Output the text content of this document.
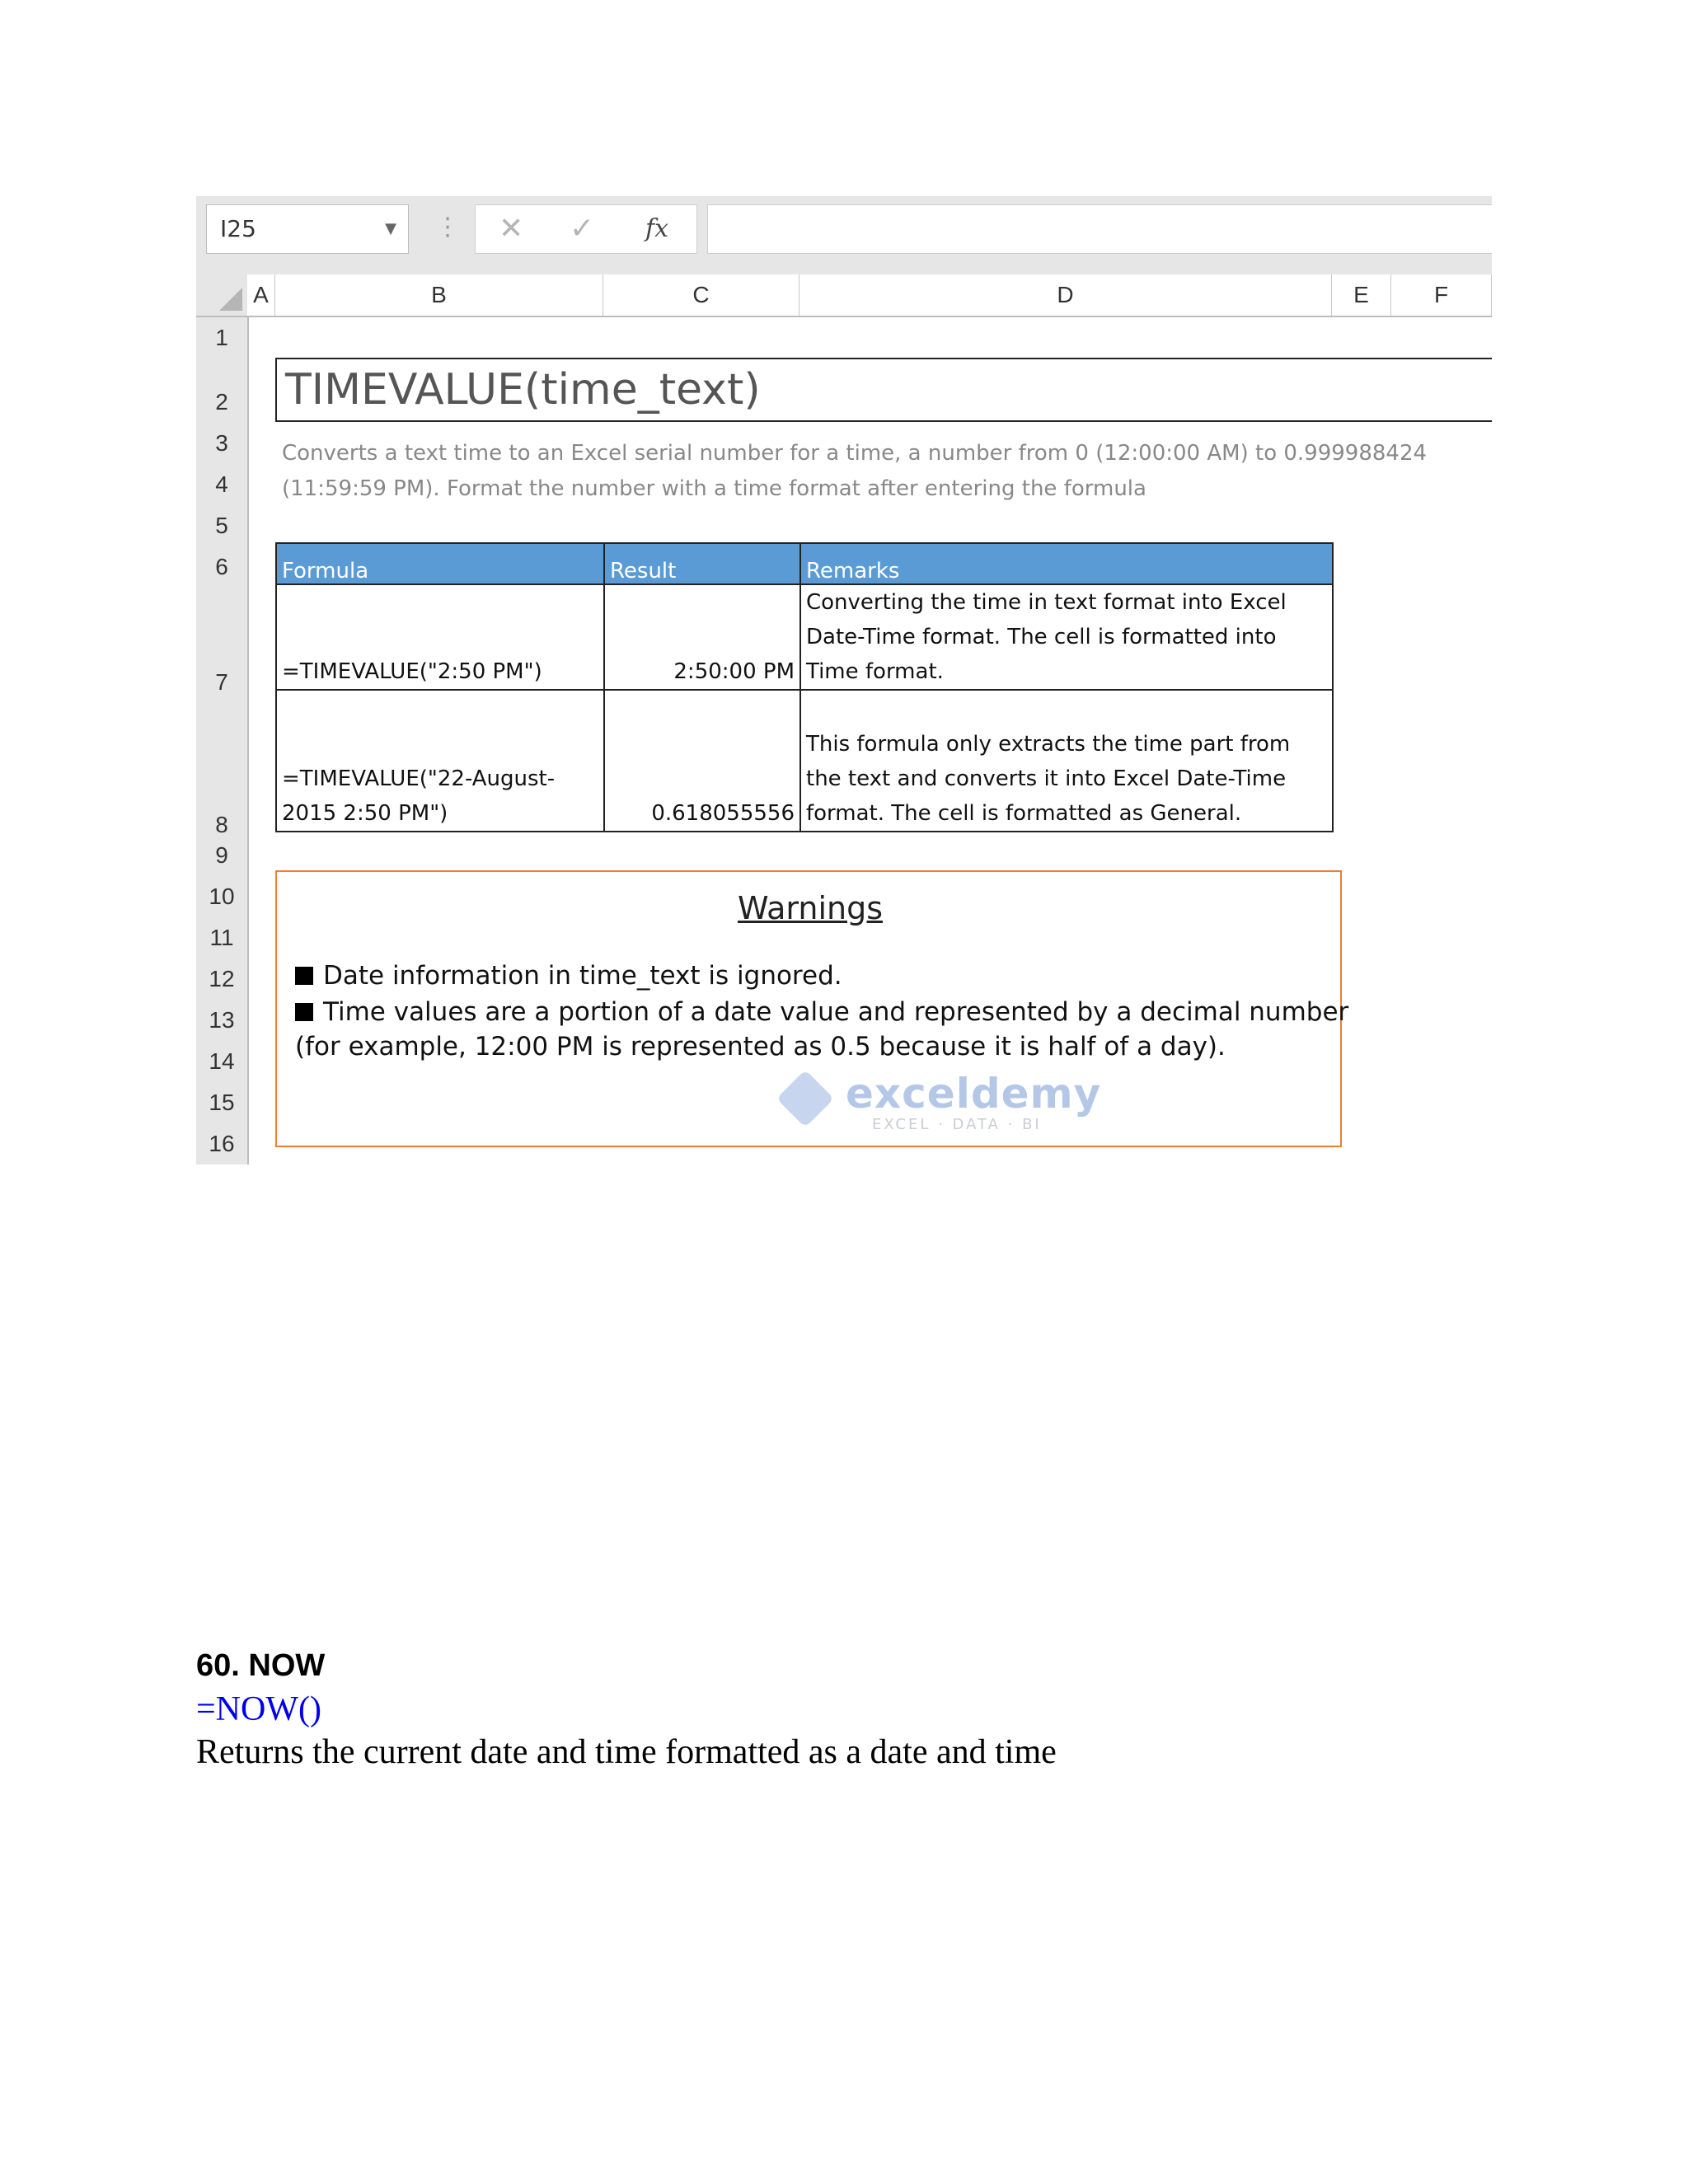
I25	▼ ⋮ ✕ ✓ fx
A	B	C	D	E	F
1
2
3
4
5
6
7
8
9
10
11
12
13
14
15
16
TIMEVALUE(time_text)
Converts a text time to an Excel serial number for a time, a number from 0 (12:00:00 AM) to 0.999988424
(11:59:59 PM). Format the number with a time format after entering the formula
Formula	Result	Remarks

=TIMEVALUE("2:50 PM")	2:50:00 PM	Converting the time in text format into Excel
Date-Time format. The cell is formatted into
Time format.

=TIMEVALUE("22-August-
2015 2:50 PM")	0.618055556	This formula only extracts the time part from
the text and converts it into Excel Date-Time
format. The cell is formatted as General.
Warnings
Date information in time_text is ignored.
Time values are a portion of a date value and represented by a decimal number
(for example, 12:00 PM is represented as 0.5 because it is half of a day).
exceldemy
EXCEL · DATA · BI
60. NOW
=NOW()
Returns the current date and time formatted as a date and time
